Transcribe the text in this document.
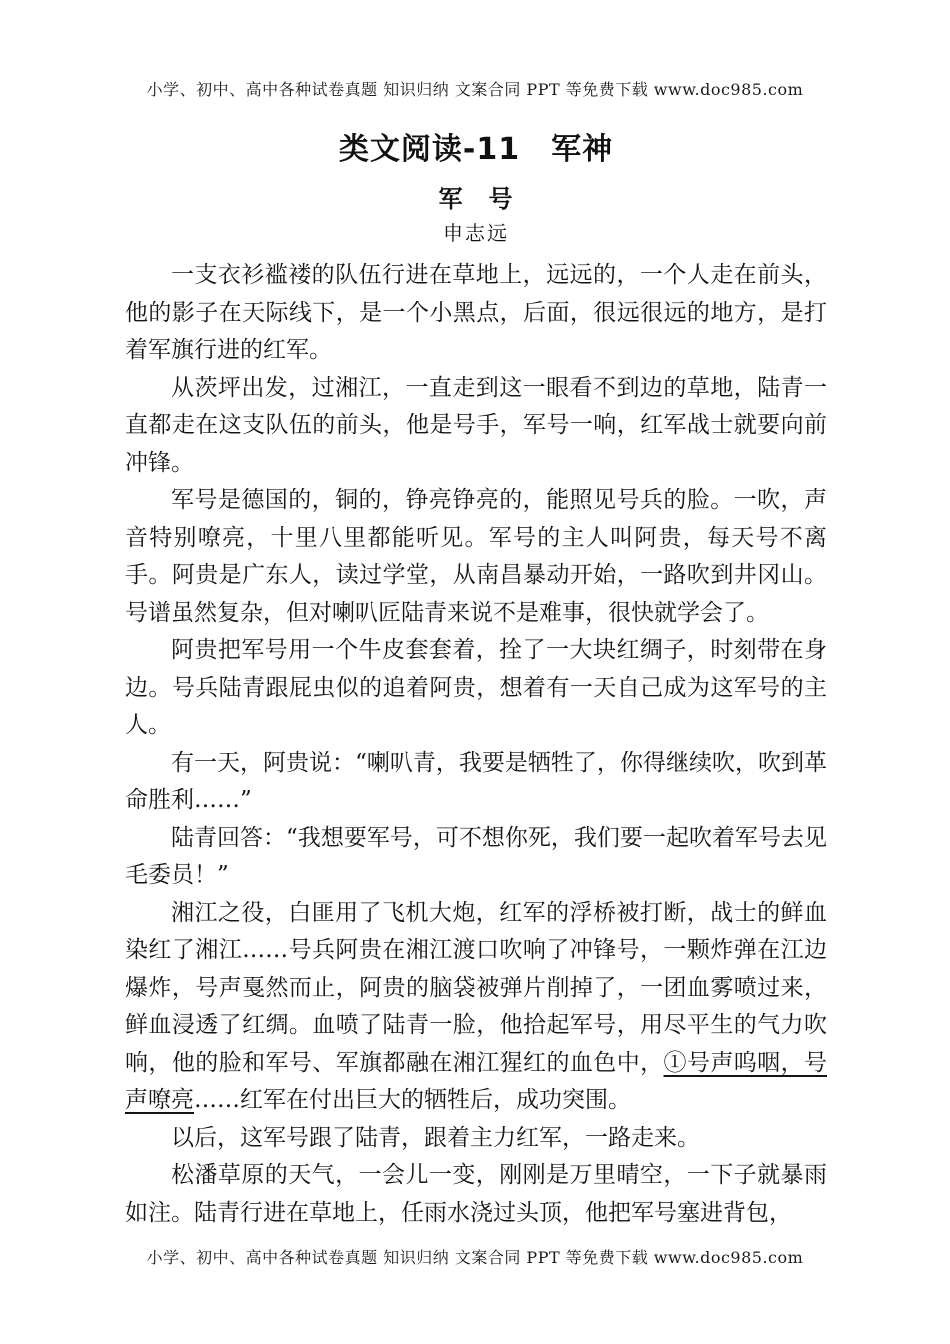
小学、初中、高中各种试卷真题 知识归纳 文案合同 PPT 等免费下载 www.doc985.com
类文阅读-11　军神
军　号
申志远

一支衣衫褴褛的队伍行进在草地上，远远的，一个人走在前头，他的影子在天际线下，是一个小黑点，后面，很远很远的地方，是打着军旗行进的红军。

从茨坪出发，过湘江，一直走到这一眼看不到边的草地，陆青一直都走在这支队伍的前头，他是号手，军号一响，红军战士就要向前冲锋。

军号是德国的，铜的，铮亮铮亮的，能照见号兵的脸。一吹，声音特别嘹亮，十里八里都能听见。军号的主人叫阿贵，每天号不离手。阿贵是广东人，读过学堂，从南昌暴动开始，一路吹到井冈山。号谱虽然复杂，但对喇叭匠陆青来说不是难事，很快就学会了。

阿贵把军号用一个牛皮套套着，拴了一大块红绸子，时刻带在身边。号兵陆青跟屁虫似的追着阿贵，想着有一天自己成为这军号的主人。

有一天，阿贵说：“喇叭青，我要是牺牲了，你得继续吹，吹到革命胜利……”

陆青回答：“我想要军号，可不想你死，我们要一起吹着军号去见毛委员！”

湘江之役，白匪用了飞机大炮，红军的浮桥被打断，战士的鲜血染红了湘江……号兵阿贵在湘江渡口吹响了冲锋号，一颗炸弹在江边爆炸，号声戛然而止，阿贵的脑袋被弹片削掉了，一团血雾喷过来，鲜血浸透了红绸。血喷了陆青一脸，他拾起军号，用尽平生的气力吹响，他的脸和军号、军旗都融在湘江猩红的血色中，①号声呜咽，号声嘹亮……红军在付出巨大的牺牲后，成功突围。

以后，这军号跟了陆青，跟着主力红军，一路走来。

松潘草原的天气，一会儿一变，刚刚是万里晴空，一下子就暴雨如注。陆青行进在草地上，任雨水浇过头顶，他把军号塞进背包，

小学、初中、高中各种试卷真题 知识归纳 文案合同 PPT 等免费下载 www.doc985.com
